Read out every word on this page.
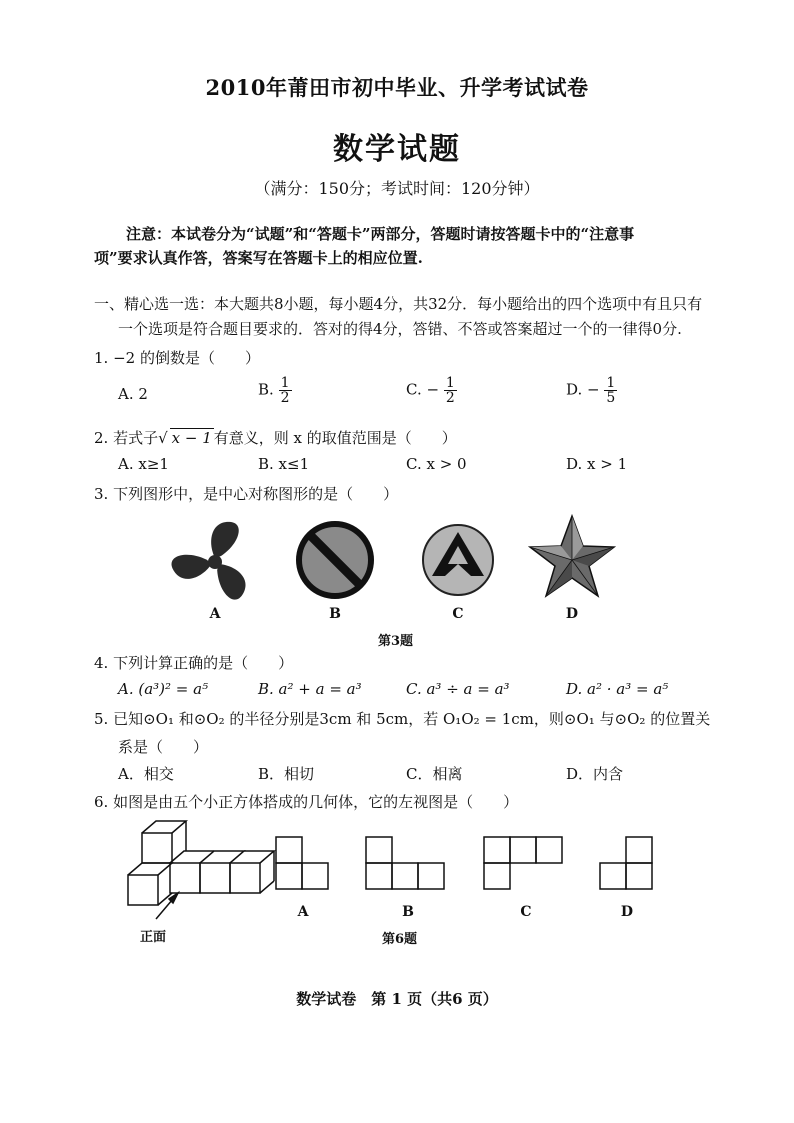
2010年莆田市初中毕业、升学考试试卷
数学试题
（满分：150分；考试时间：120分钟）
注意：本试卷分为“试题”和“答题卡”两部分，答题时请按答题卡中的“注意事
项”要求认真作答，答案写在答题卡上的相应位置.
一、精心选一选：本大题共8小题，每小题4分，共32分．每小题给出的四个选项中有且只有
一个选项是符合题目要求的．答对的得4分，答错、不答或答案超过一个的一律得0分.
1. −2 的倒数是（　　）
A. 2	B. $\frac{1}{2}$	C. − $\frac{1}{2}$	D. − $\frac{1}{5}$
2. 若式子√ x − 1 有意义，则 x 的取值范围是（　　）
A. x≥1	B. x≤1	C. x > 0	D. x > 1
3. 下列图形中，是中心对称图形的是（　　）
A	B	C	D
第3题
4. 下列计算正确的是（　　）
A. (a³)² = a⁵	B. a² + a = a³	C. a³ ÷ a = a³	D. a² · a³ = a⁵
5. 已知⊙O₁ 和⊙O₂ 的半径分别是3cm 和 5cm，若 O₁O₂ = 1cm，则⊙O₁ 与⊙O₂ 的位置关
系是（　　）
A．相交	B．相切	C．相离	D．内含
6. 如图是由五个小正方体搭成的几何体，它的左视图是（　　）
A	B	C	D
正面	第6题
数学试卷　第 1 页（共6 页）
